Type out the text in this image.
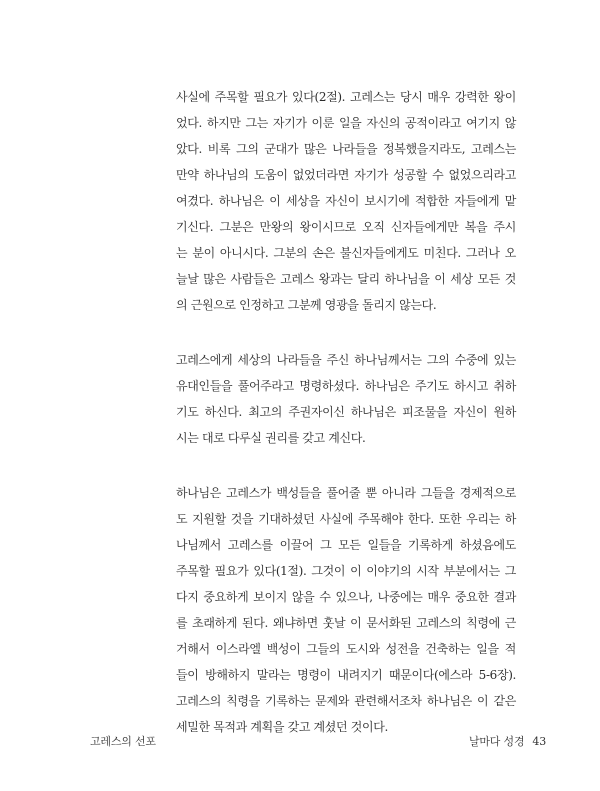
사실에 주목할 필요가 있다(2절). 고레스는 당시 매우 강력한 왕이
었다. 하지만 그는 자기가 이룬 일을 자신의 공적이라고 여기지 않
았다. 비록 그의 군대가 많은 나라들을 정복했을지라도, 고레스는
만약 하나님의 도움이 없었더라면 자기가 성공할 수 없었으리라고
여겼다. 하나님은 이 세상을 자신이 보시기에 적합한 자들에게 맡
기신다. 그분은 만왕의 왕이시므로 오직 신자들에게만 복을 주시
는 분이 아니시다. 그분의 손은 불신자들에게도 미친다. 그러나 오
늘날 많은 사람들은 고레스 왕과는 달리 하나님을 이 세상 모든 것
의 근원으로 인정하고 그분께 영광을 돌리지 않는다.

고레스에게 세상의 나라들을 주신 하나님께서는 그의 수중에 있는
유대인들을 풀어주라고 명령하셨다. 하나님은 주기도 하시고 취하
기도 하신다. 최고의 주권자이신 하나님은 피조물을 자신이 원하
시는 대로 다루실 권리를 갖고 계신다.

하나님은 고레스가 백성들을 풀어줄 뿐 아니라 그들을 경제적으로
도 지원할 것을 기대하셨던 사실에 주목해야 한다. 또한 우리는 하
나님께서 고레스를 이끌어 그 모든 일들을 기록하게 하셨음에도
주목할 필요가 있다(1절). 그것이 이 이야기의 시작 부분에서는 그
다지 중요하게 보이지 않을 수 있으나, 나중에는 매우 중요한 결과
를 초래하게 된다. 왜냐하면 훗날 이 문서화된 고레스의 칙령에 근
거해서 이스라엘 백성이 그들의 도시와 성전을 건축하는 일을 적
들이 방해하지 말라는 명령이 내려지기 때문이다(에스라 5-6장).
고레스의 칙령을 기록하는 문제와 관련해서조차 하나님은 이 같은
세밀한 목적과 계획을 갖고 계셨던 것이다.

고레스의 선포	날마다 성경 43
